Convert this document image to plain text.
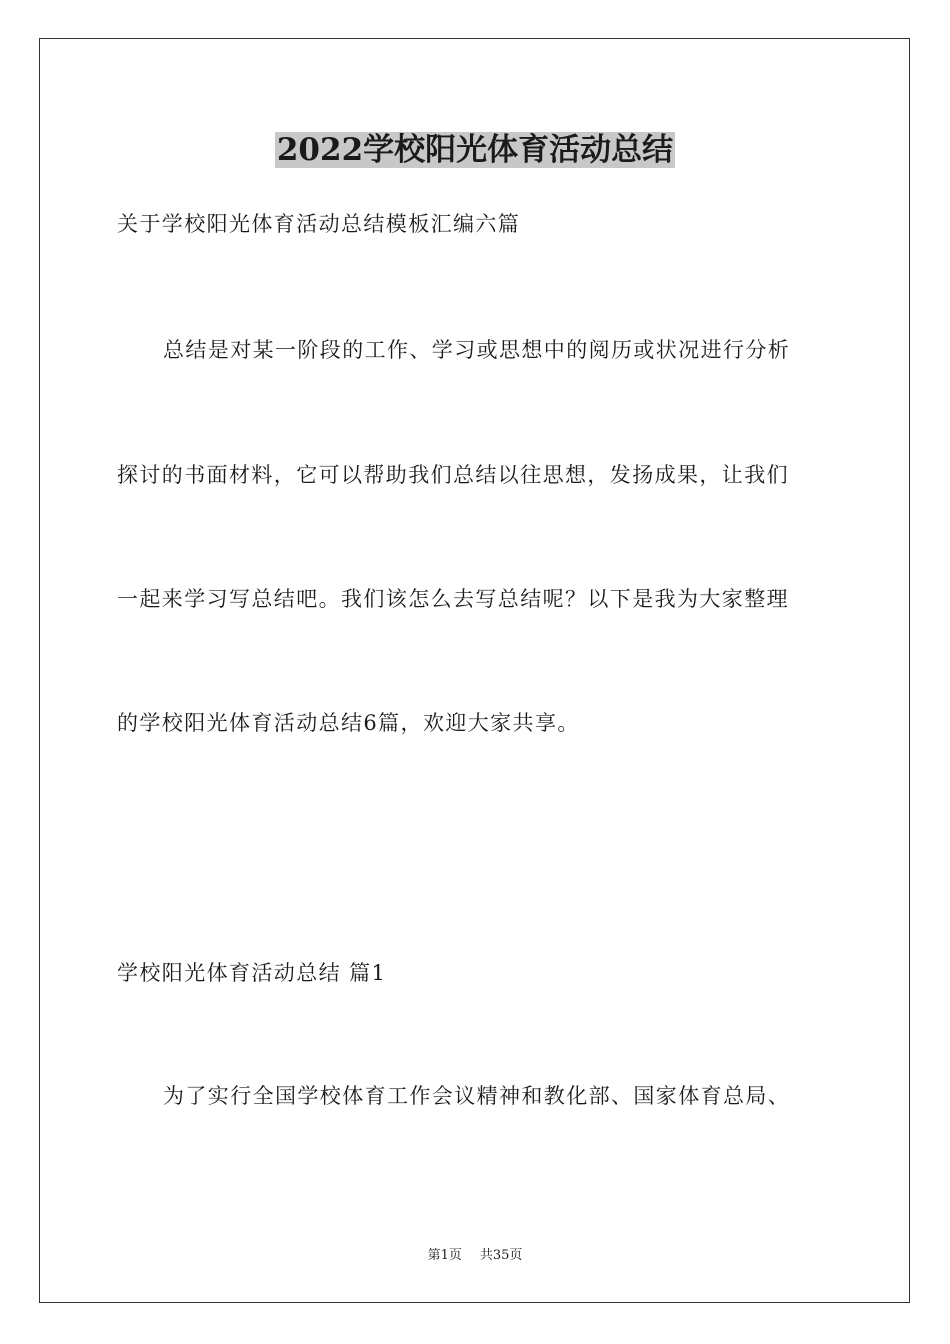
2022学校阳光体育活动总结
关于学校阳光体育活动总结模板汇编六篇
总结是对某一阶段的工作、学习或思想中的阅历或状况进行分析
探讨的书面材料，它可以帮助我们总结以往思想，发扬成果，让我们
一起来学习写总结吧。我们该怎么去写总结呢？以下是我为大家整理
的学校阳光体育活动总结6篇，欢迎大家共享。
学校阳光体育活动总结 篇1
为了实行全国学校体育工作会议精神和教化部、国家体育总局、
第1页 共35页
